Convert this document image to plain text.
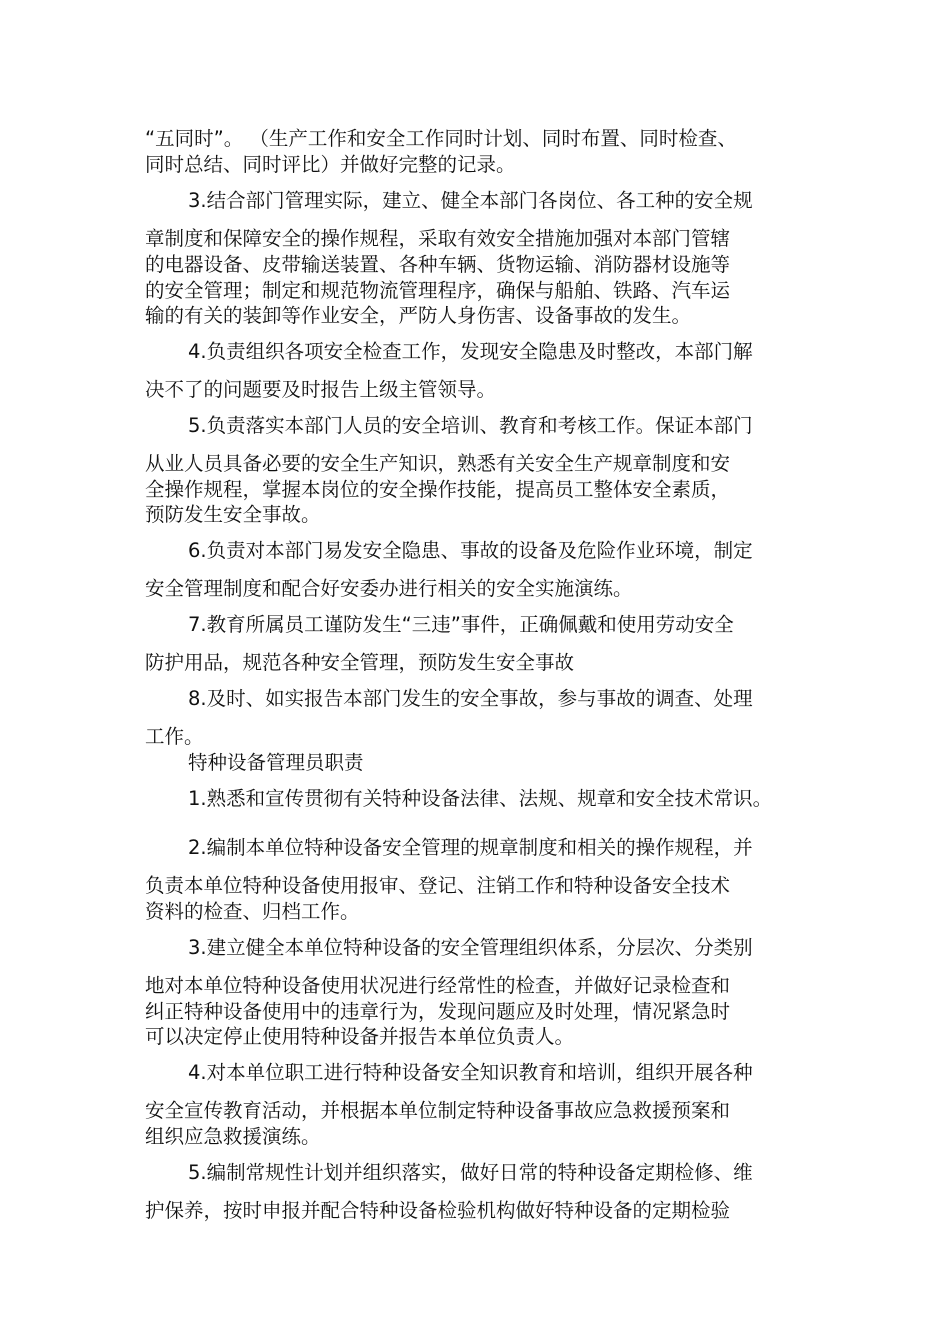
“五同时”。 （生产工作和安全工作同时计划、同时布置、同时检查、
同时总结、同时评比）并做好完整的记录。
3.结合部门管理实际，建立、健全本部门各岗位、各工种的安全规
章制度和保障安全的操作规程，采取有效安全措施加强对本部门管辖
的电器设备、皮带输送装置、各种车辆、货物运输、消防器材设施等
的安全管理；制定和规范物流管理程序，确保与船舶、铁路、汽车运
输的有关的装卸等作业安全，严防人身伤害、设备事故的发生。
4.负责组织各项安全检查工作，发现安全隐患及时整改，本部门解
决不了的问题要及时报告上级主管领导。
5.负责落实本部门人员的安全培训、教育和考核工作。保证本部门
从业人员具备必要的安全生产知识，熟悉有关安全生产规章制度和安
全操作规程，掌握本岗位的安全操作技能，提高员工整体安全素质，
预防发生安全事故。
6.负责对本部门易发安全隐患、事故的设备及危险作业环境，制定
安全管理制度和配合好安委办进行相关的安全实施演练。
7.教育所属员工谨防发生“三违”事件，正确佩戴和使用劳动安全
防护用品，规范各种安全管理，预防发生安全事故
8.及时、如实报告本部门发生的安全事故，参与事故的调查、处理
工作。
特种设备管理员职责
1.熟悉和宣传贯彻有关特种设备法律、法规、规章和安全技术常识。
2.编制本单位特种设备安全管理的规章制度和相关的操作规程，并
负责本单位特种设备使用报审、登记、注销工作和特种设备安全技术
资料的检查、归档工作。
3.建立健全本单位特种设备的安全管理组织体系，分层次、分类别
地对本单位特种设备使用状况进行经常性的检查，并做好记录检查和
纠正特种设备使用中的违章行为，发现问题应及时处理，情况紧急时
可以决定停止使用特种设备并报告本单位负责人。
4.对本单位职工进行特种设备安全知识教育和培训，组织开展各种
安全宣传教育活动，并根据本单位制定特种设备事故应急救援预案和
组织应急救援演练。
5.编制常规性计划并组织落实，做好日常的特种设备定期检修、维
护保养，按时申报并配合特种设备检验机构做好特种设备的定期检验
